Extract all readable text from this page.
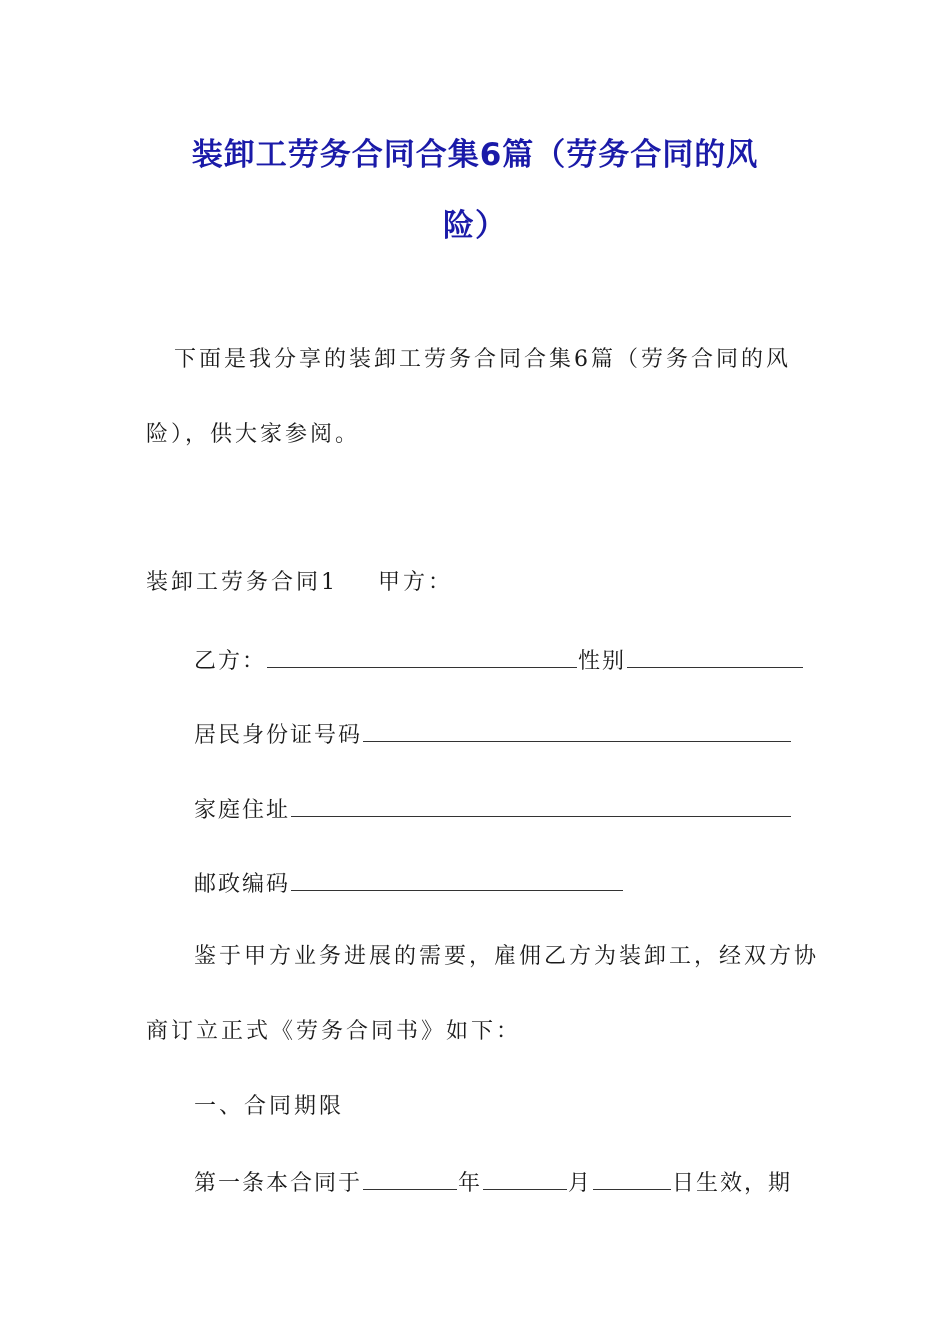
装卸工劳务合同合集6篇（劳务合同的风
险）
下面是我分享的装卸工劳务合同合集6篇（劳务合同的风
险），供大家参阅。
装卸工劳务合同1 甲方：
乙方：	性别
居民身份证号码
家庭住址
邮政编码
鉴于甲方业务进展的需要，雇佣乙方为装卸工，经双方协
商订立正式《劳务合同书》如下：
一、合同期限
第一条本合同于	年	月	日生效，期
